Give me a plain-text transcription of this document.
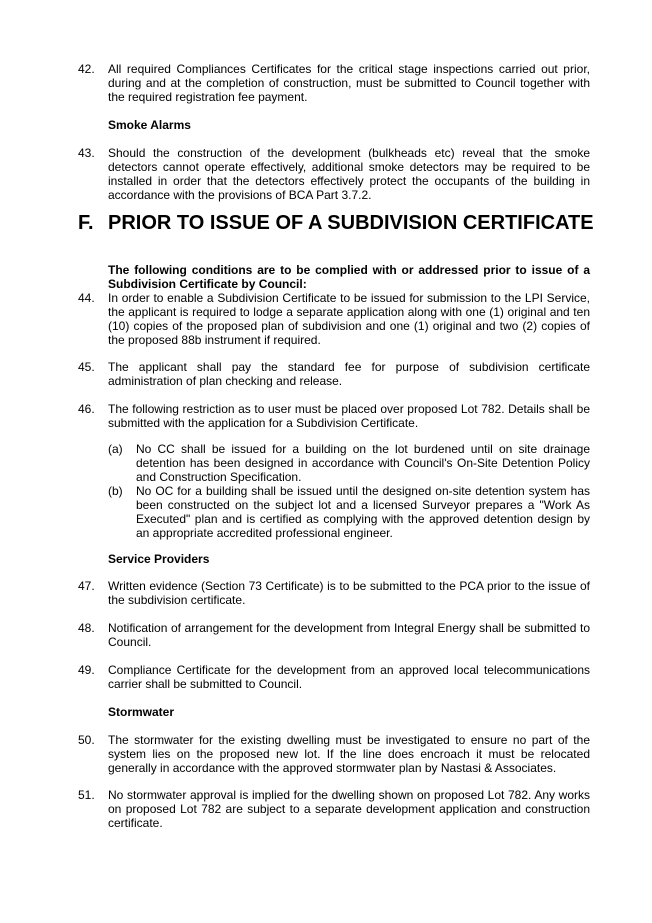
42.	All required Compliances Certificates for the critical stage inspections carried out prior, during and at the completion of construction, must be submitted to Council together with the required registration fee payment.
Smoke Alarms
43.	Should the construction of the development (bulkheads etc) reveal that the smoke detectors cannot operate effectively, additional smoke detectors may be required to be installed in order that the detectors effectively protect the occupants of the building in accordance with the provisions of BCA Part 3.7.2.
F. PRIOR TO ISSUE OF A SUBDIVISION CERTIFICATE
The following conditions are to be complied with or addressed prior to issue of a Subdivision Certificate by Council:
44.	In order to enable a Subdivision Certificate to be issued for submission to the LPI Service, the applicant is required to lodge a separate application along with one (1) original and ten (10) copies of the proposed plan of subdivision and one (1) original and two (2) copies of the proposed 88b instrument if required.
45.	The applicant shall pay the standard fee for purpose of subdivision certificate administration of plan checking and release.
46.	The following restriction as to user must be placed over proposed Lot 782. Details shall be submitted with the application for a Subdivision Certificate.
(a)	No CC shall be issued for a building on the lot burdened until on site drainage detention has been designed in accordance with Council's On-Site Detention Policy and Construction Specification.
(b)	No OC for a building shall be issued until the designed on-site detention system has been constructed on the subject lot and a licensed Surveyor prepares a "Work As Executed" plan and is certified as complying with the approved detention design by an appropriate accredited professional engineer.
Service Providers
47.	Written evidence (Section 73 Certificate) is to be submitted to the PCA prior to the issue of the subdivision certificate.
48.	Notification of arrangement for the development from Integral Energy shall be submitted to Council.
49.	Compliance Certificate for the development from an approved local telecommunications carrier shall be submitted to Council.
Stormwater
50.	The stormwater for the existing dwelling must be investigated to ensure no part of the system lies on the proposed new lot. If the line does encroach it must be relocated generally in accordance with the approved stormwater plan by Nastasi & Associates.
51.	No stormwater approval is implied for the dwelling shown on proposed Lot 782. Any works on proposed Lot 782 are subject to a separate development application and construction certificate.
